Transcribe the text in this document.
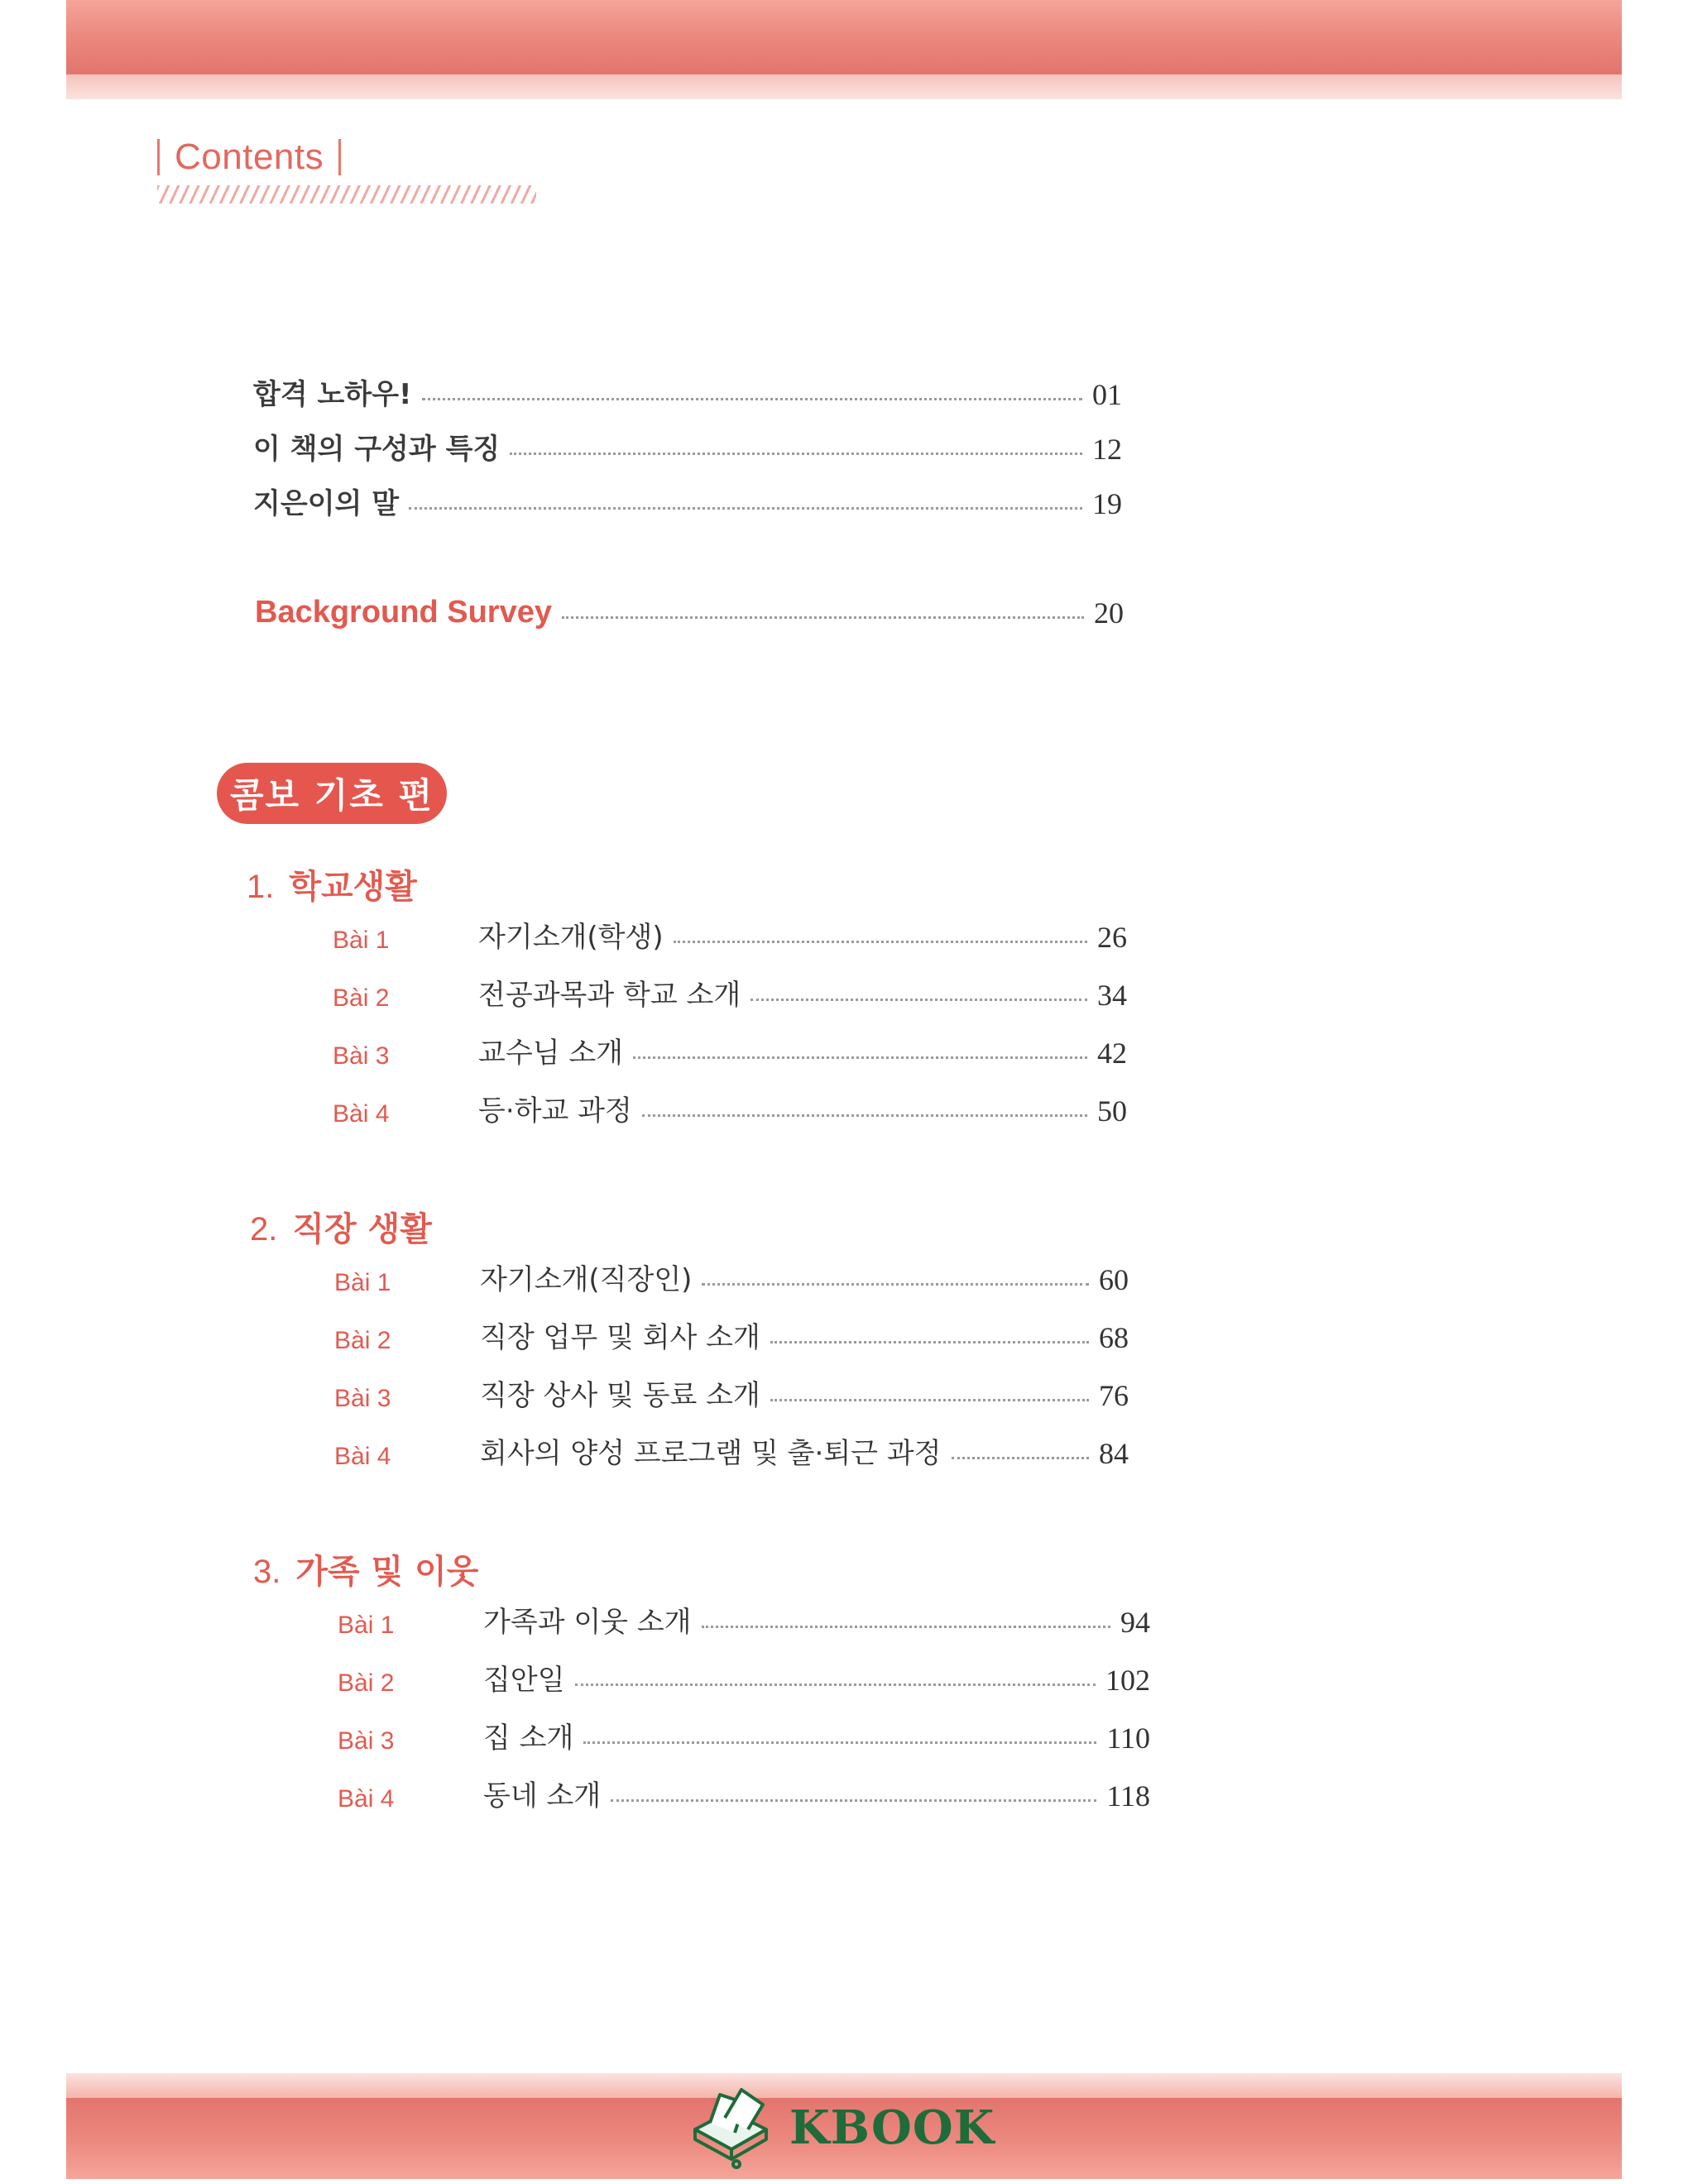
Contents
합격 노하우!	01
이 책의 구성과 특징	12
지은이의 말	19
Background Survey	20
콤보 기초 편
1. 학교생활
Bài 1	자기소개(학생)	26
Bài 2	전공과목과 학교 소개	34
Bài 3	교수님 소개	42
Bài 4	등·하교 과정	50
2. 직장 생활
Bài 1	자기소개(직장인)	60
Bài 2	직장 업무 및 회사 소개	68
Bài 3	직장 상사 및 동료 소개	76
Bài 4	회사의 양성 프로그램 및 출·퇴근 과정	84
3. 가족 및 이웃
Bài 1	가족과 이웃 소개	94
Bài 2	집안일	102
Bài 3	집 소개	110
Bài 4	동네 소개	118
KBOOK
